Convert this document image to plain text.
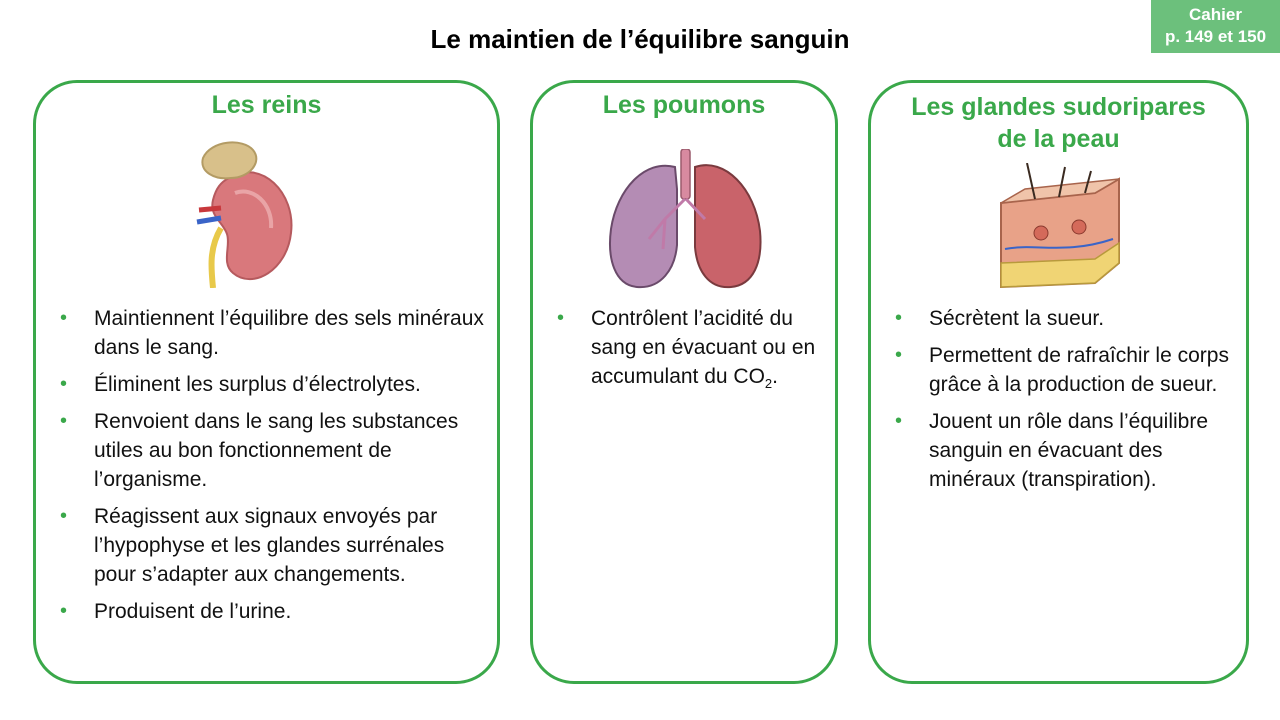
Le maintien de l’équilibre sanguin
Cahier
p. 149 et 150
Les reins
• Maintiennent l’équilibre des sels minéraux dans le sang.
• Éliminent les surplus d’électrolytes.
• Renvoient dans le sang les substances utiles au bon fonctionnement de l’organisme.
• Réagissent aux signaux envoyés par l’hypophyse et les glandes surrénales pour s’adapter aux changements.
• Produisent de l’urine.
Les poumons
• Contrôlent l’acidité du sang en évacuant ou en accumulant du $CO_2$.
Les glandes sudoripares
de la peau
• Sécrètent la sueur.
• Permettent de rafraîchir le corps grâce à la production de sueur.
• Jouent un rôle dans l’équilibre sanguin en évacuant des minéraux (transpiration).
